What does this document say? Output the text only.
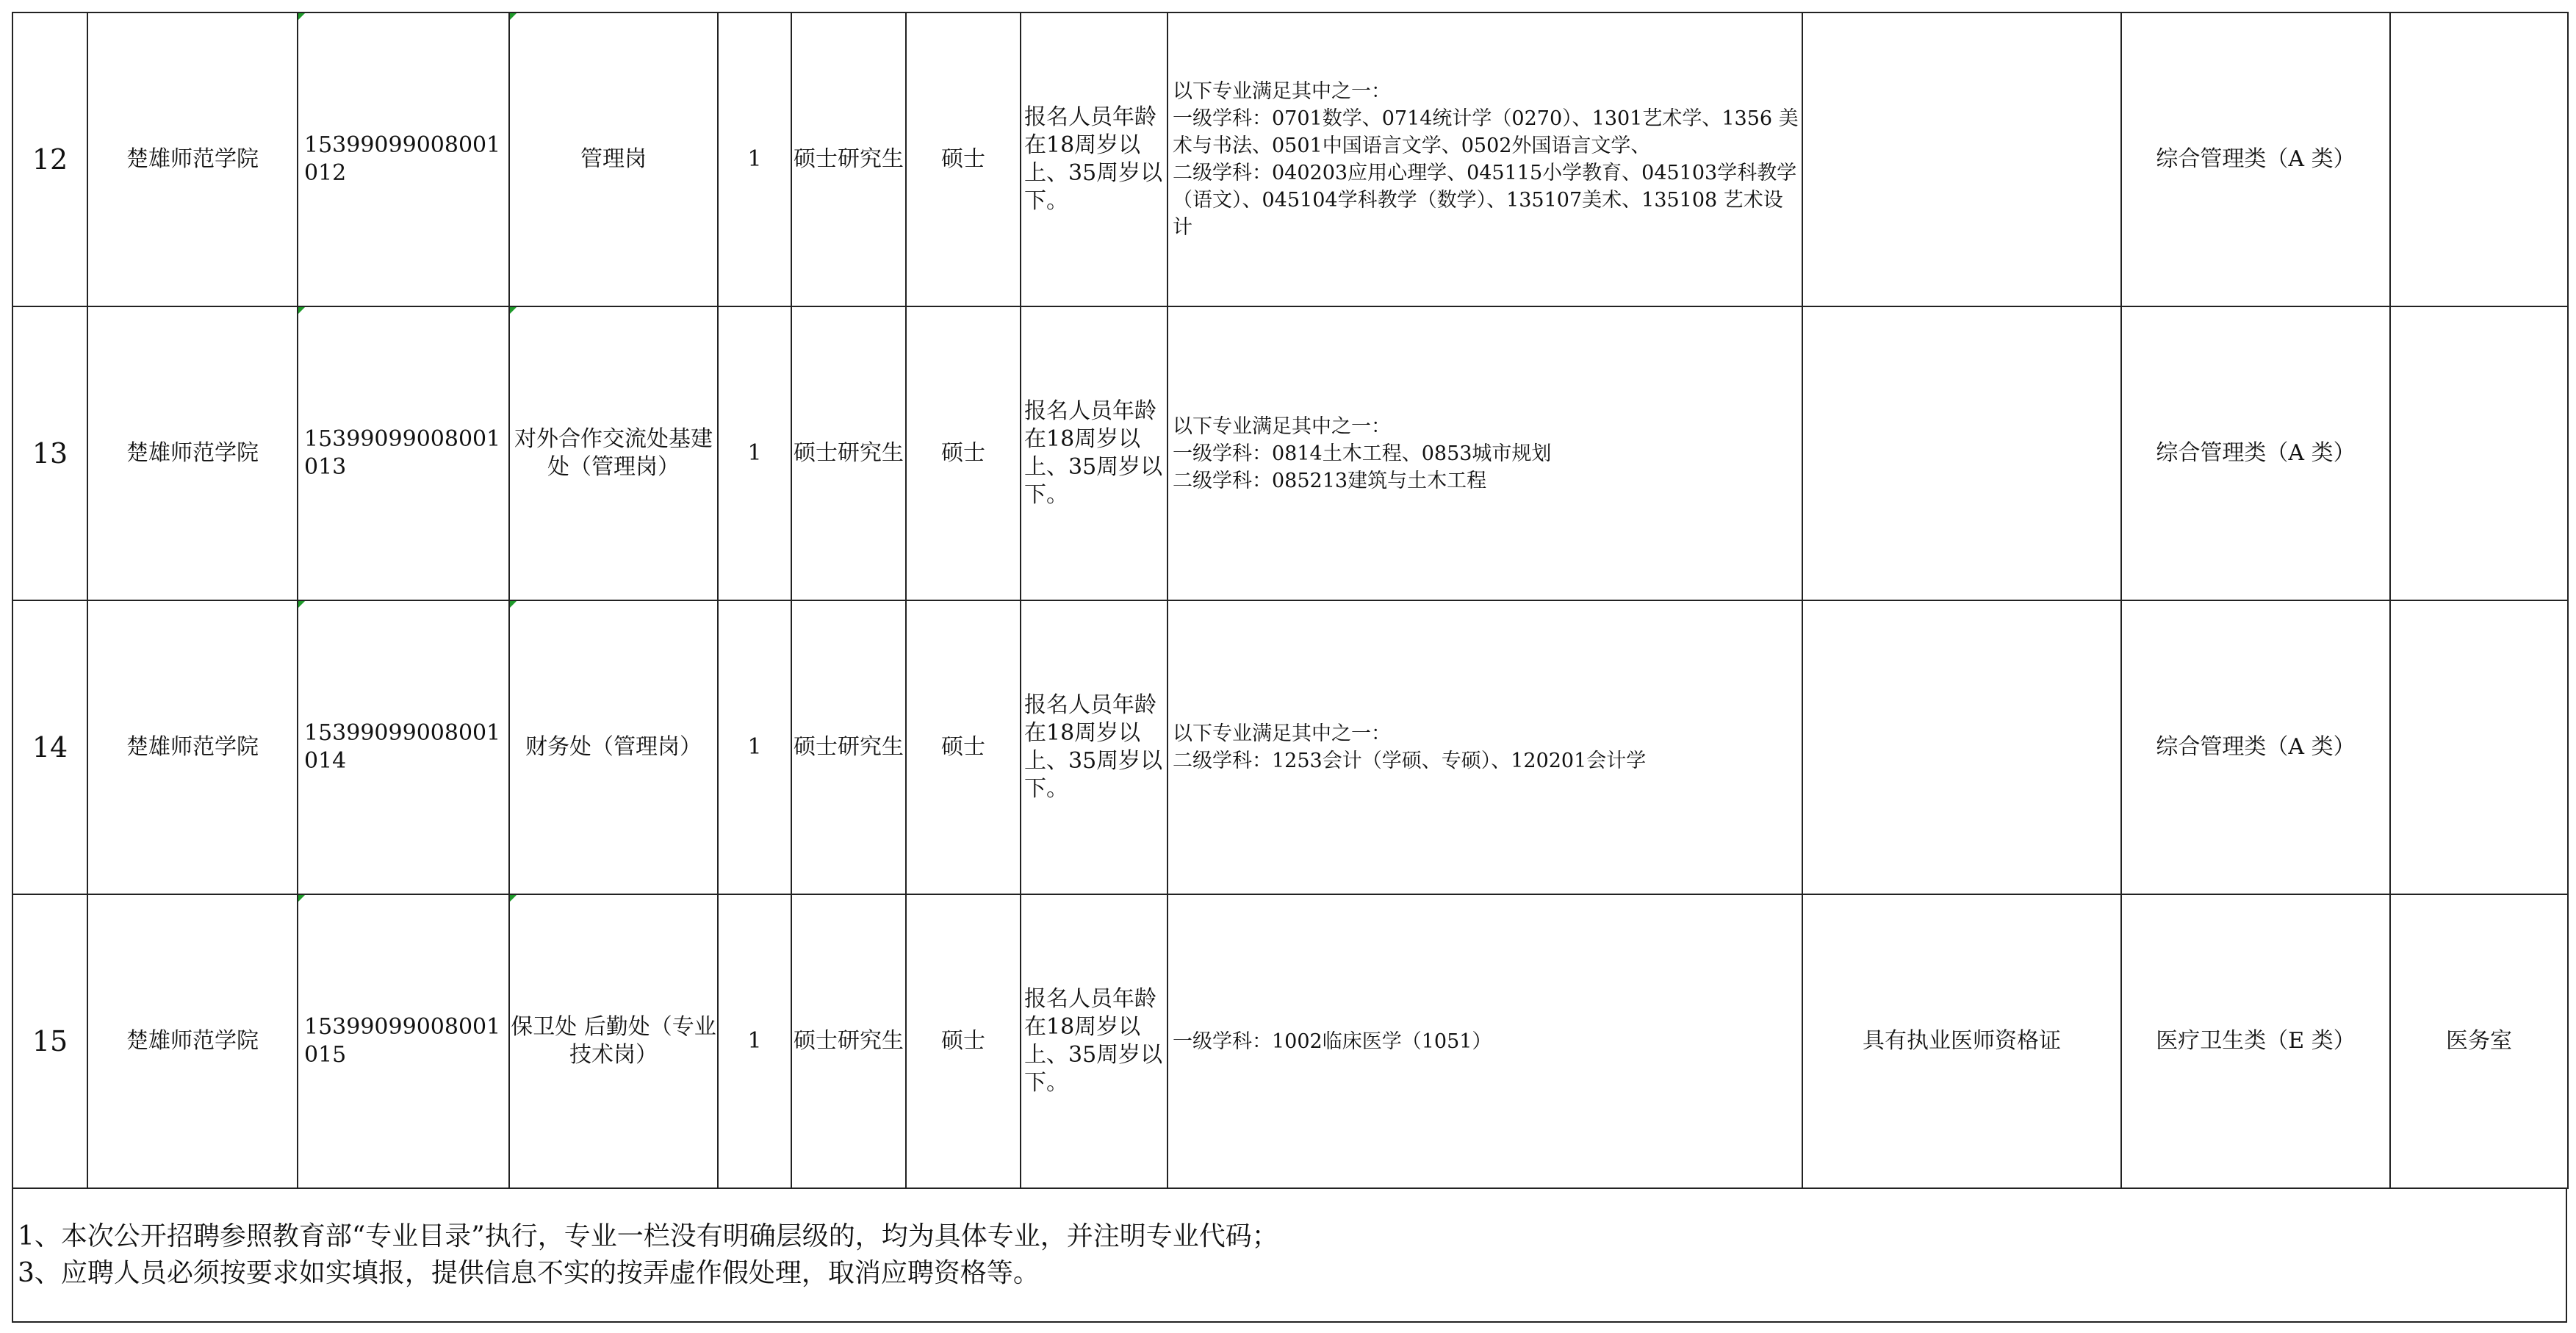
12	楚雄师范学院	15399099008001012	管理岗	1	硕士研究生	硕士	报名人员年龄在18周岁以上、35周岁以下。	以下专业满足其中之一：
一级学科：0701数学、0714统计学（0270）、1301艺术学、1356 美术与书法、0501中国语言文学、0502外国语言文学、
二级学科：040203应用心理学、045115小学教育、045103学科教学（语文）、045104学科教学（数学）、135107美术、135108 艺术设计		综合管理类（A 类）	
13	楚雄师范学院	15399099008001013	对外合作交流处基建处（管理岗）	1	硕士研究生	硕士	报名人员年龄在18周岁以上、35周岁以下。	以下专业满足其中之一：
一级学科：0814土木工程、0853城市规划
二级学科：085213建筑与土木工程		综合管理类（A 类）	
14	楚雄师范学院	15399099008001014	财务处（管理岗）	1	硕士研究生	硕士	报名人员年龄在18周岁以上、35周岁以下。	以下专业满足其中之一：
二级学科：1253会计（学硕、专硕）、120201会计学		综合管理类（A 类）	
15	楚雄师范学院	15399099008001015	保卫处 后勤处（专业技术岗）	1	硕士研究生	硕士	报名人员年龄在18周岁以上、35周岁以下。	一级学科：1002临床医学（1051）	具有执业医师资格证	医疗卫生类（E 类）	医务室

1、本次公开招聘参照教育部“专业目录”执行，专业一栏没有明确层级的，均为具体专业，并注明专业代码；

3、应聘人员必须按要求如实填报，提供信息不实的按弄虚作假处理，取消应聘资格等。
